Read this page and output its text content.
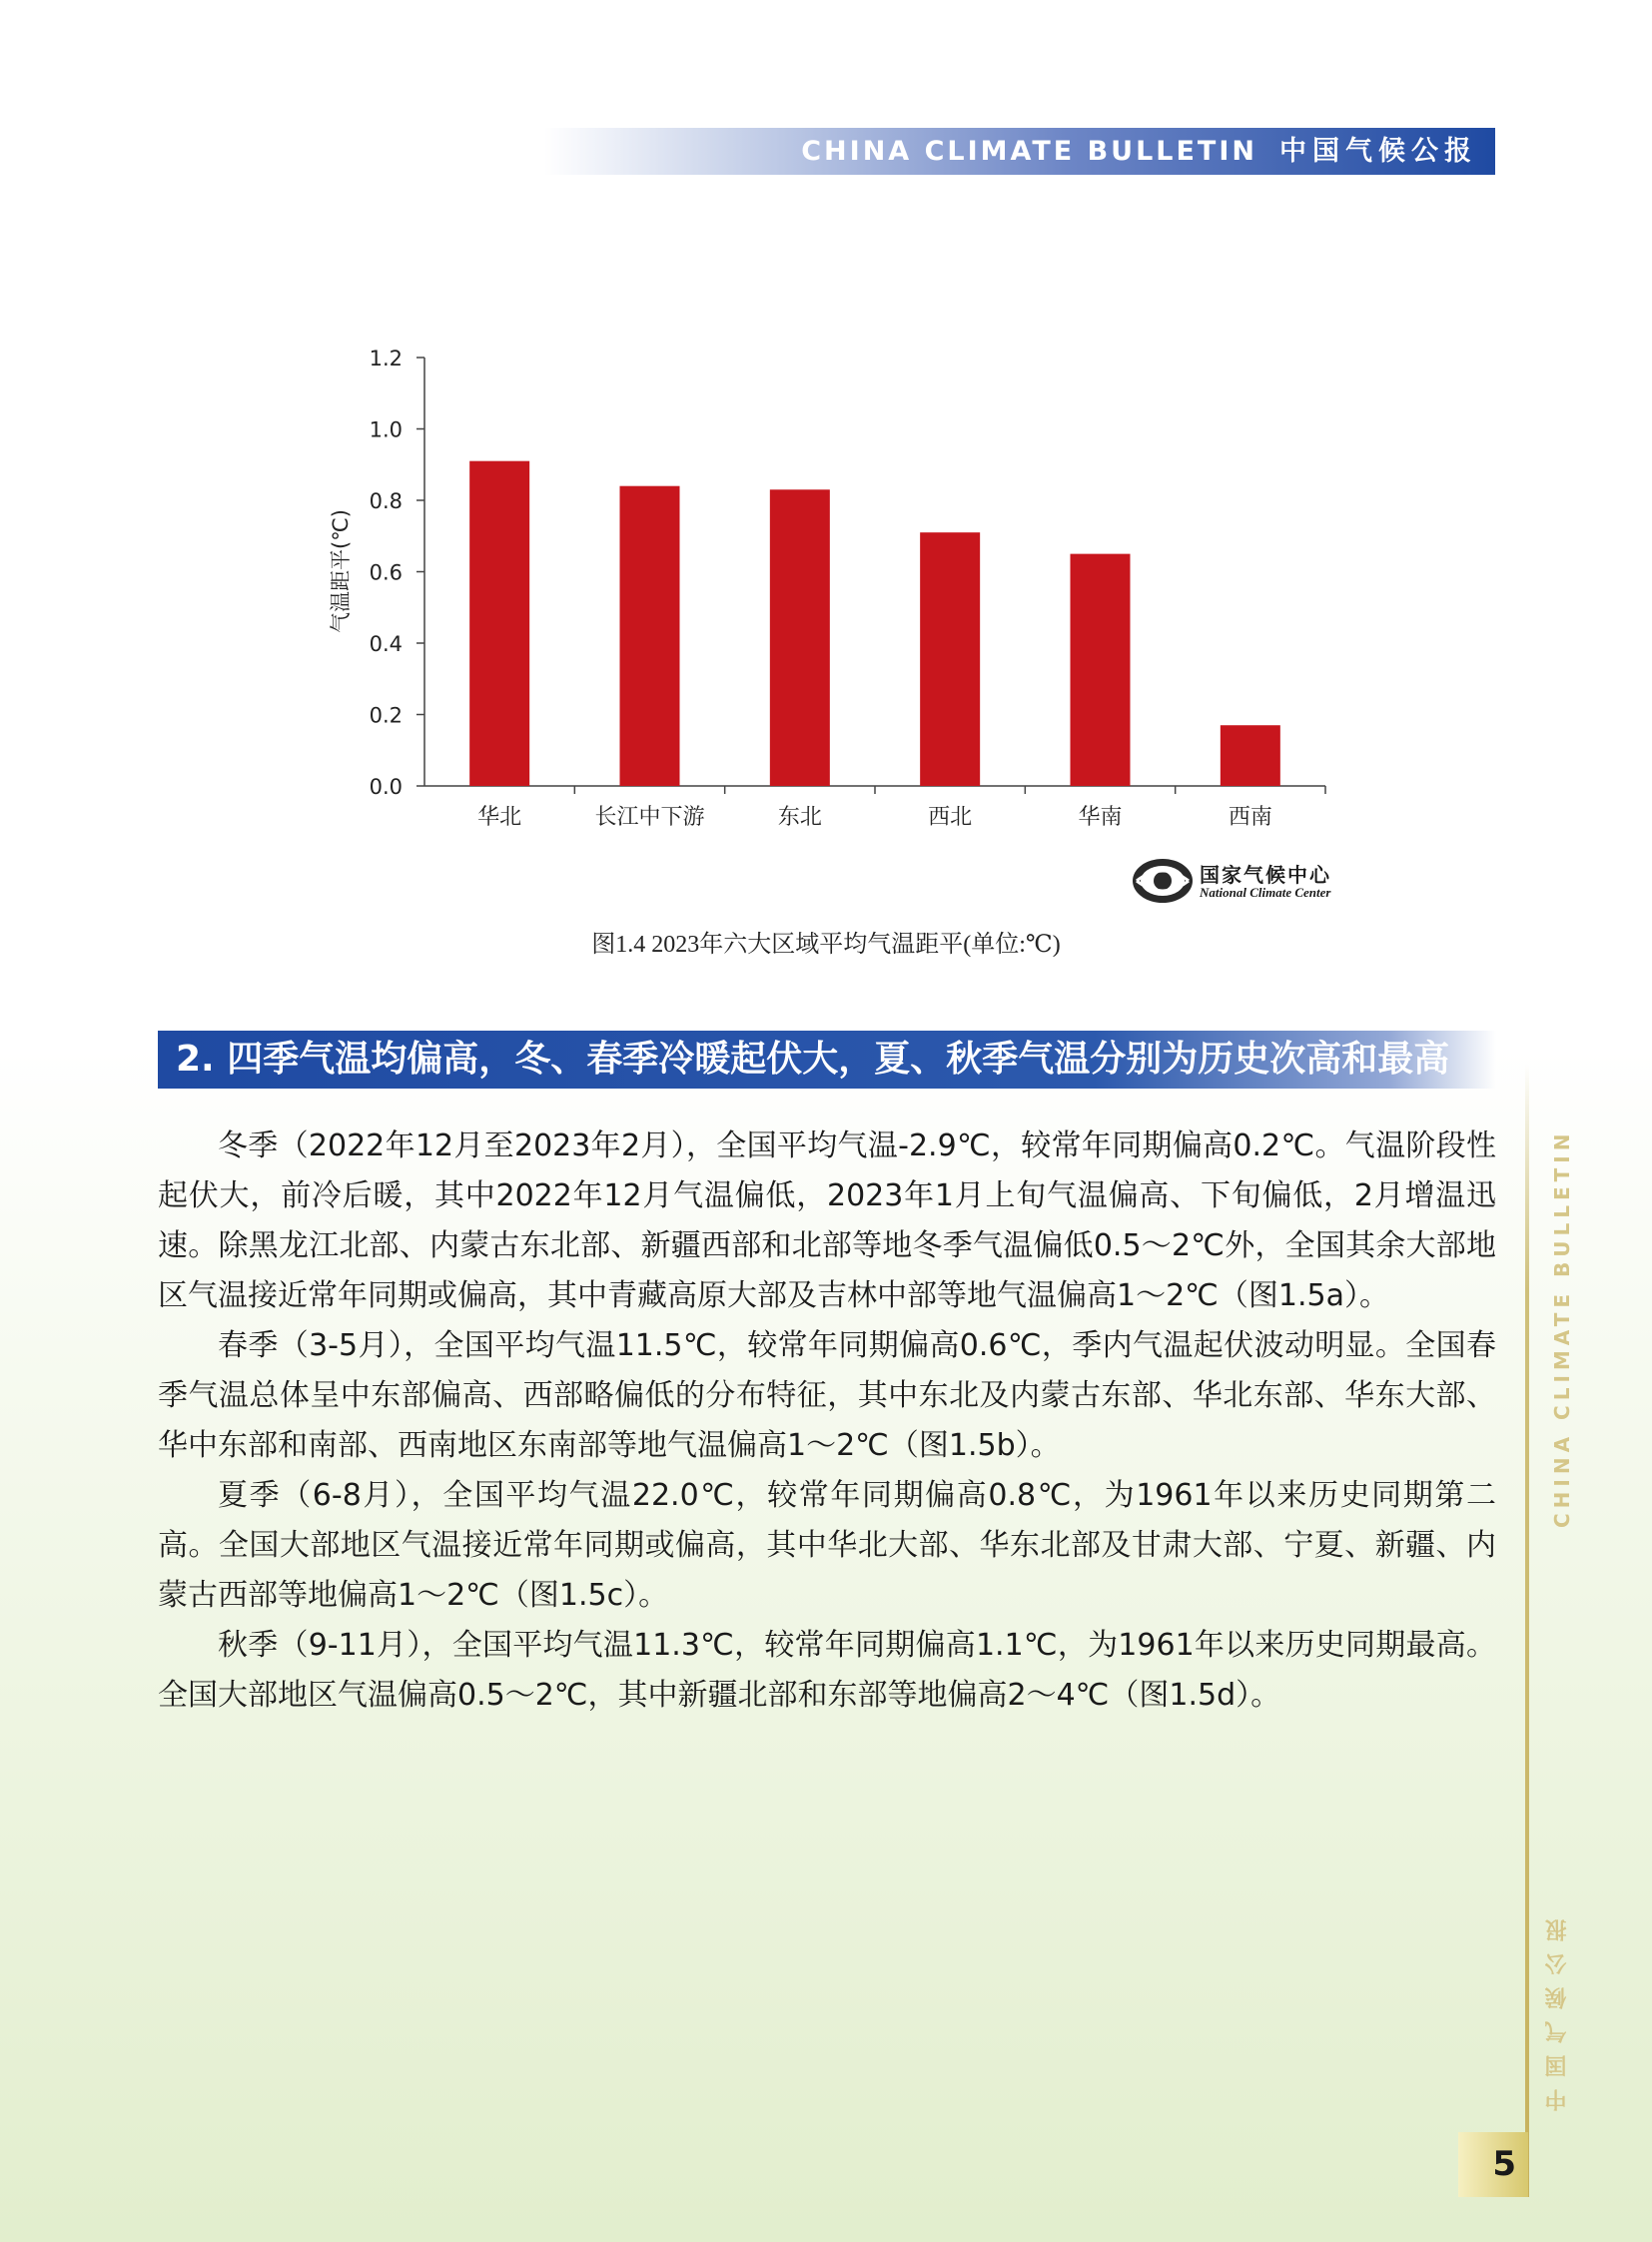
CHINA CLIMATE BULLETIN 中国气候公报
气温距平(℃)
华北	长江中下游	东北	西北	华南	西南
0.0
0.2
0.4
0.6
0.8
1.0
1.2
国家气候中心
National Climate Center
图1.4 2023年六大区域平均气温距平(单位:℃)
2. 四季气温均偏高，冬、春季冷暖起伏大，夏、秋季气温分别为历史次高和最高

冬季（2022年12月至2023年2月），全国平均气温-2.9℃，较常年同期偏高0.2℃。气温阶段性起伏大，前冷后暖，其中2022年12月气温偏低，2023年1月上旬气温偏高、下旬偏低，2月增温迅速。除黑龙江北部、内蒙古东北部、新疆西部和北部等地冬季气温偏低0.5～2℃外，全国其余大部地区气温接近常年同期或偏高，其中青藏高原大部及吉林中部等地气温偏高1～2℃（图1.5a）。

春季（3-5月），全国平均气温11.5℃，较常年同期偏高0.6℃，季内气温起伏波动明显。全国春季气温总体呈中东部偏高、西部略偏低的分布特征，其中东北及内蒙古东部、华北东部、华东大部、华中东部和南部、西南地区东南部等地气温偏高1～2℃（图1.5b）。

夏季（6-8月），全国平均气温22.0℃，较常年同期偏高0.8℃，为1961年以来历史同期第二高。全国大部地区气温接近常年同期或偏高，其中华北大部、华东北部及甘肃大部、宁夏、新疆、内蒙古西部等地偏高1～2℃（图1.5c）。

秋季（9-11月），全国平均气温11.3℃，较常年同期偏高1.1℃，为1961年以来历史同期最高。全国大部地区气温偏高0.5～2℃，其中新疆北部和东部等地偏高2～4℃（图1.5d）。

CHINA CLIMATE BULLETIN
中国气候公报
5
